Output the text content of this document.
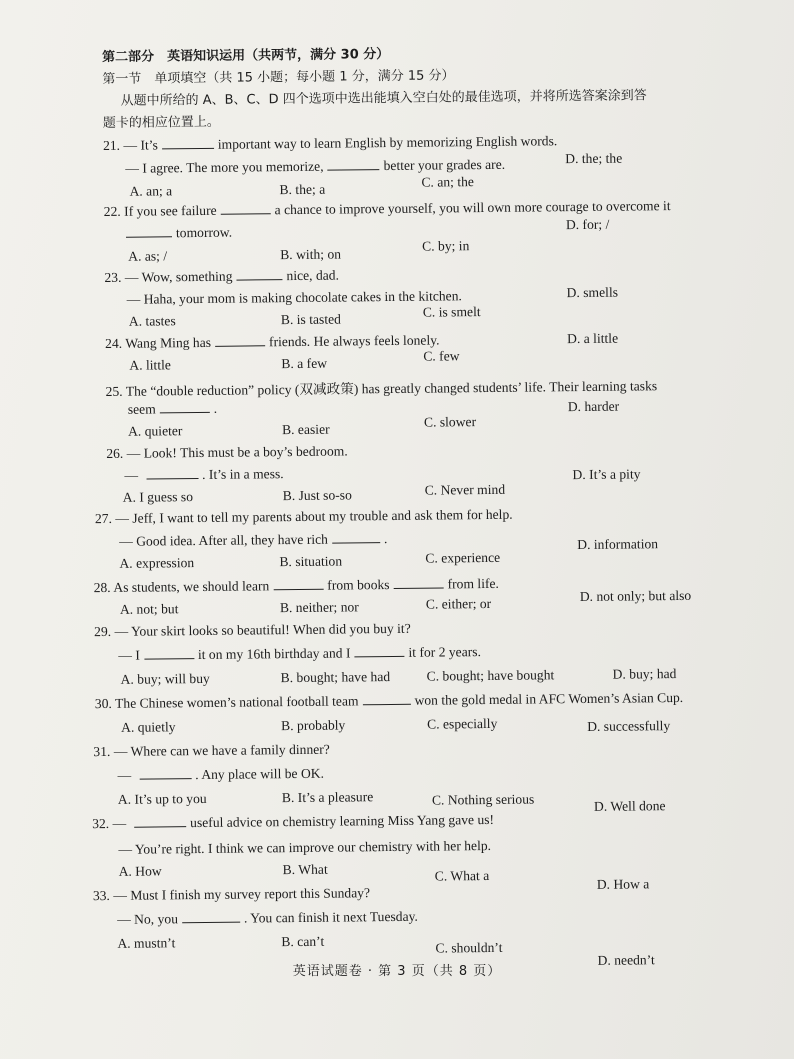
第二部分　英语知识运用（共两节，满分 30 分）
第一节　单项填空（共 15 小题；每小题 1 分，满分 15 分）
从题中所给的 A、B、C、D 四个选项中选出能填入空白处的最佳选项，并将所选答案涂到答
题卡的相应位置上。
21. — It’s	important way to learn English by memorizing English words.
— I agree. The more you memorize,	better your grades are.
A. an; a	B. the; a	C. an; the
D. the; the
22. If you see failure	a chance to improve yourself, you will own more courage to overcome it
tomorrow.
A. as; /	B. with; on
C. by; in
D. for; /
23. — Wow, something	nice, dad.
— Haha, your mom is making chocolate cakes in the kitchen.
A. tastes	B. is tasted	C. is smelt
D. smells
24. Wang Ming has	friends. He always feels lonely.
A. little	B. a few	C. few
D. a little
25. The “double reduction” policy (双减政策) has greatly changed students’ life. Their learning tasks
seem	.
A. quieter	B. easier	C. slower
D. harder
26. — Look! This must be a boy’s bedroom.
—	. It’s in a mess.
A. I guess so	B. Just so-so	C. Never mind
D. It’s a pity
27. — Jeff, I want to tell my parents about my trouble and ask them for help.
— Good idea. After all, they have rich	.
A. expression	B. situation	C. experience
D. information
28. As students, we should learn	from books	from life.
A. not; but	B. neither; nor	C. either; or	D. not only; but also
29. — Your skirt looks so beautiful! When did you buy it?
— I	it on my 16th birthday and I	it for 2 years.
A. buy; will buy	B. bought; have had	C. bought; have bought	D. buy; had
30. The Chinese women’s national football team	won the gold medal in AFC Women’s Asian Cup.
A. quietly	B. probably	C. especially	D. successfully
31. — Where can we have a family dinner?
—	. Any place will be OK.
A. It’s up to you	B. It’s a pleasure	C. Nothing serious	D. Well done
32. —	useful advice on chemistry learning Miss Yang gave us!
— You’re right. I think we can improve our chemistry with her help.
A. How	B. What	C. What a
D. How a
33. — Must I finish my survey report this Sunday?
— No, you	. You can finish it next Tuesday.
A. mustn’t	B. can’t	C. shouldn’t
D. needn’t
英语试题卷 · 第 3 页（共 8 页）
